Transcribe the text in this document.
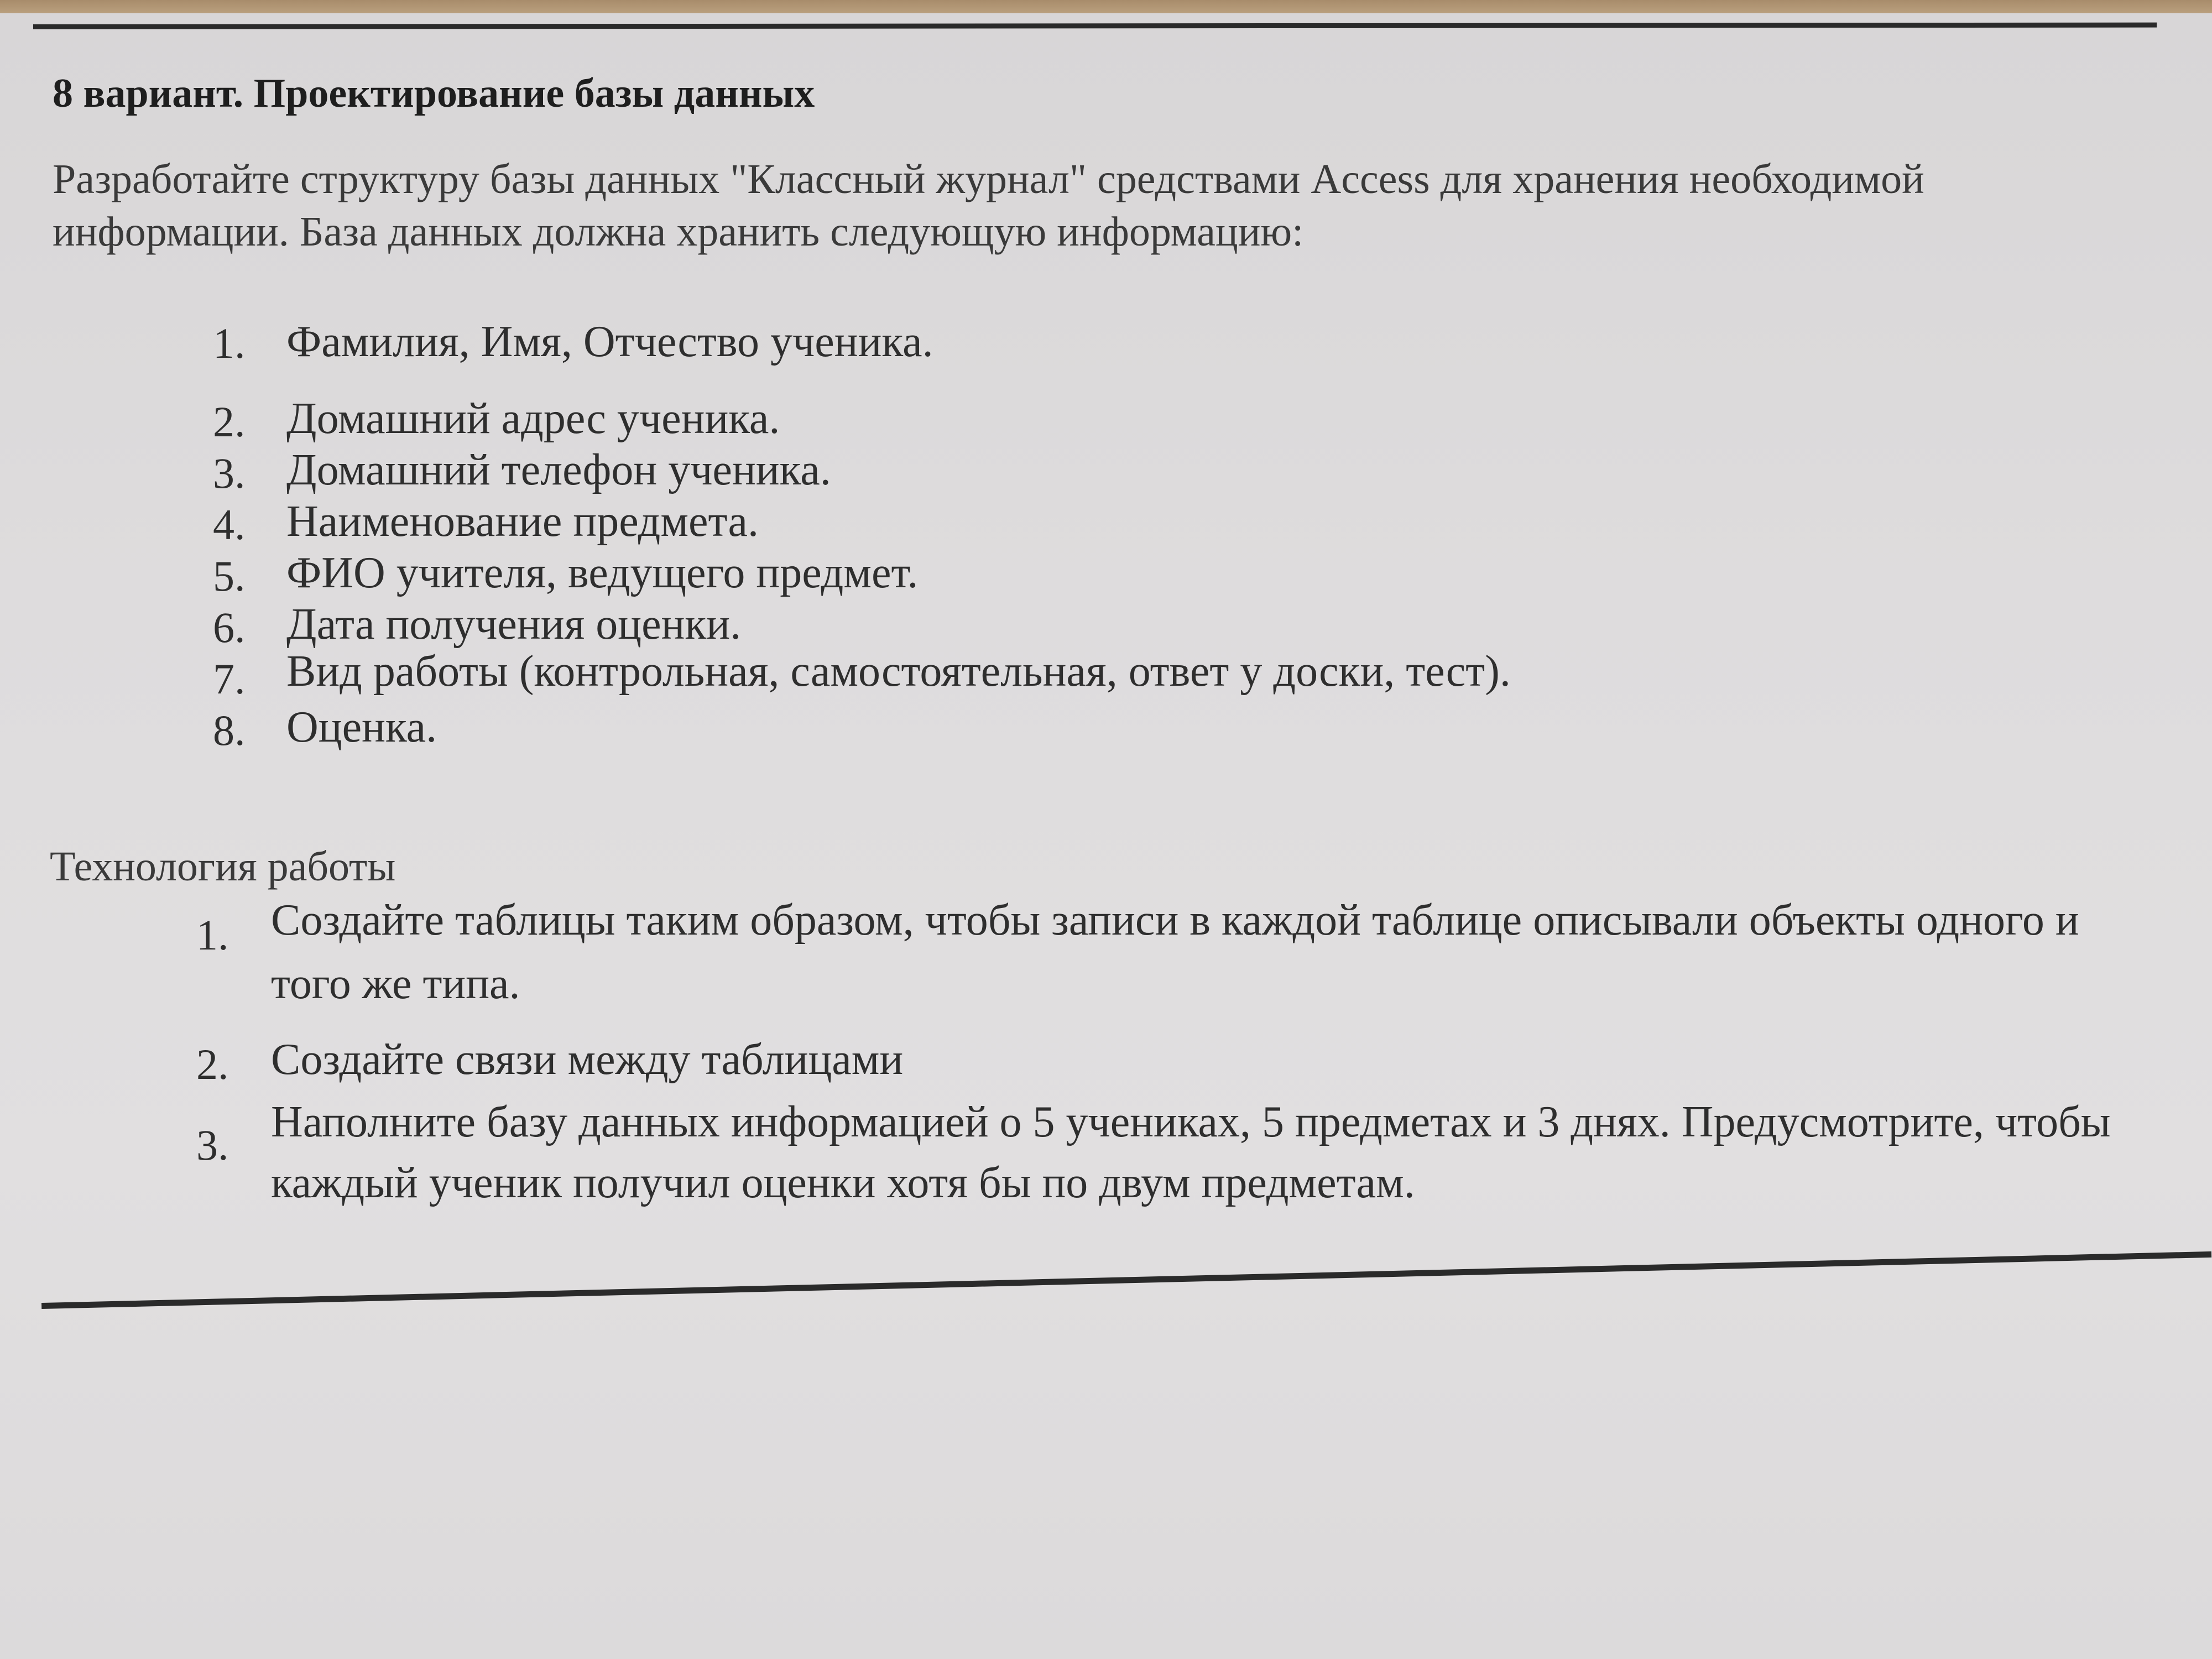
8 вариант. Проектирование базы данных
Разработайте структуру базы данных "Классный журнал" средствами Access для хранения необходимой
информации. База данных должна хранить следующую информацию:
1. Фамилия, Имя, Отчество ученика.
2. Домашний адрес ученика.
3. Домашний телефон ученика.
4. Наименование предмета.
5. ФИО учителя, ведущего предмет.
6. Дата получения оценки.
7. Вид работы (контрольная, самостоятельная, ответ у доски, тест).
8. Оценка.
Технология работы
1. Создайте таблицы таким образом, чтобы записи в каждой таблице описывали объекты одного и
того же типа.
2. Создайте связи между таблицами
3. Наполните базу данных информацией о 5 учениках, 5 предметах и 3 днях. Предусмотрите, чтобы
каждый ученик получил оценки хотя бы по двум предметам.
